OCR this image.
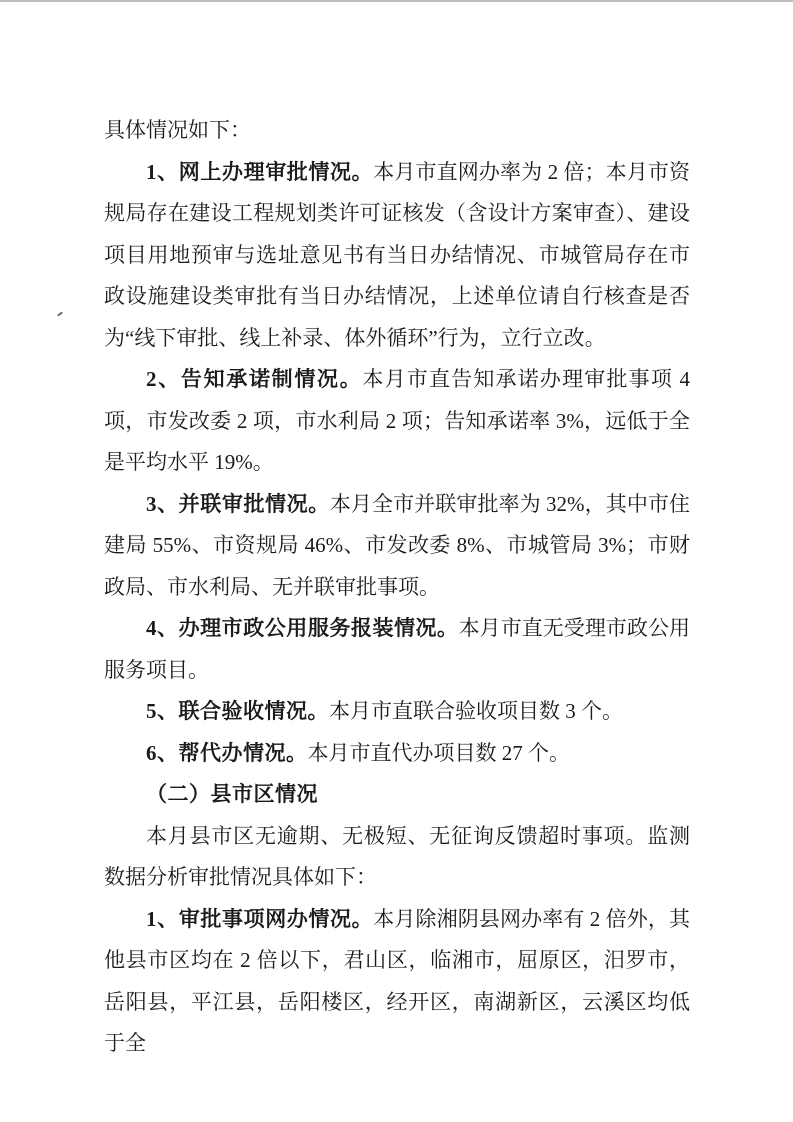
具体情况如下：

1、网上办理审批情况。本月市直网办率为 2 倍；本月市资规局存在建设工程规划类许可证核发（含设计方案审查）、建设项目用地预审与选址意见书有当日办结情况、市城管局存在市政设施建设类审批有当日办结情况，上述单位请自行核查是否为“线下审批、线上补录、体外循环”行为，立行立改。

2、告知承诺制情况。本月市直告知承诺办理审批事项 4 项，市发改委 2 项，市水利局 2 项；告知承诺率 3%，远低于全是平均水平 19%。

3、并联审批情况。本月全市并联审批率为 32%，其中市住建局 55%、市资规局 46%、市发改委 8%、市城管局 3%；市财政局、市水利局、无并联审批事项。

4、办理市政公用服务报装情况。本月市直无受理市政公用服务项目。

5、联合验收情况。本月市直联合验收项目数 3 个。

6、帮代办情况。本月市直代办项目数 27 个。

（二）县市区情况

本月县市区无逾期、无极短、无征询反馈超时事项。监测数据分析审批情况具体如下：

1、审批事项网办情况。本月除湘阴县网办率有 2 倍外，其他县市区均在 2 倍以下，君山区，临湘市，屈原区，汨罗市，岳阳县，平江县，岳阳楼区，经开区，南湖新区，云溪区均低于全
